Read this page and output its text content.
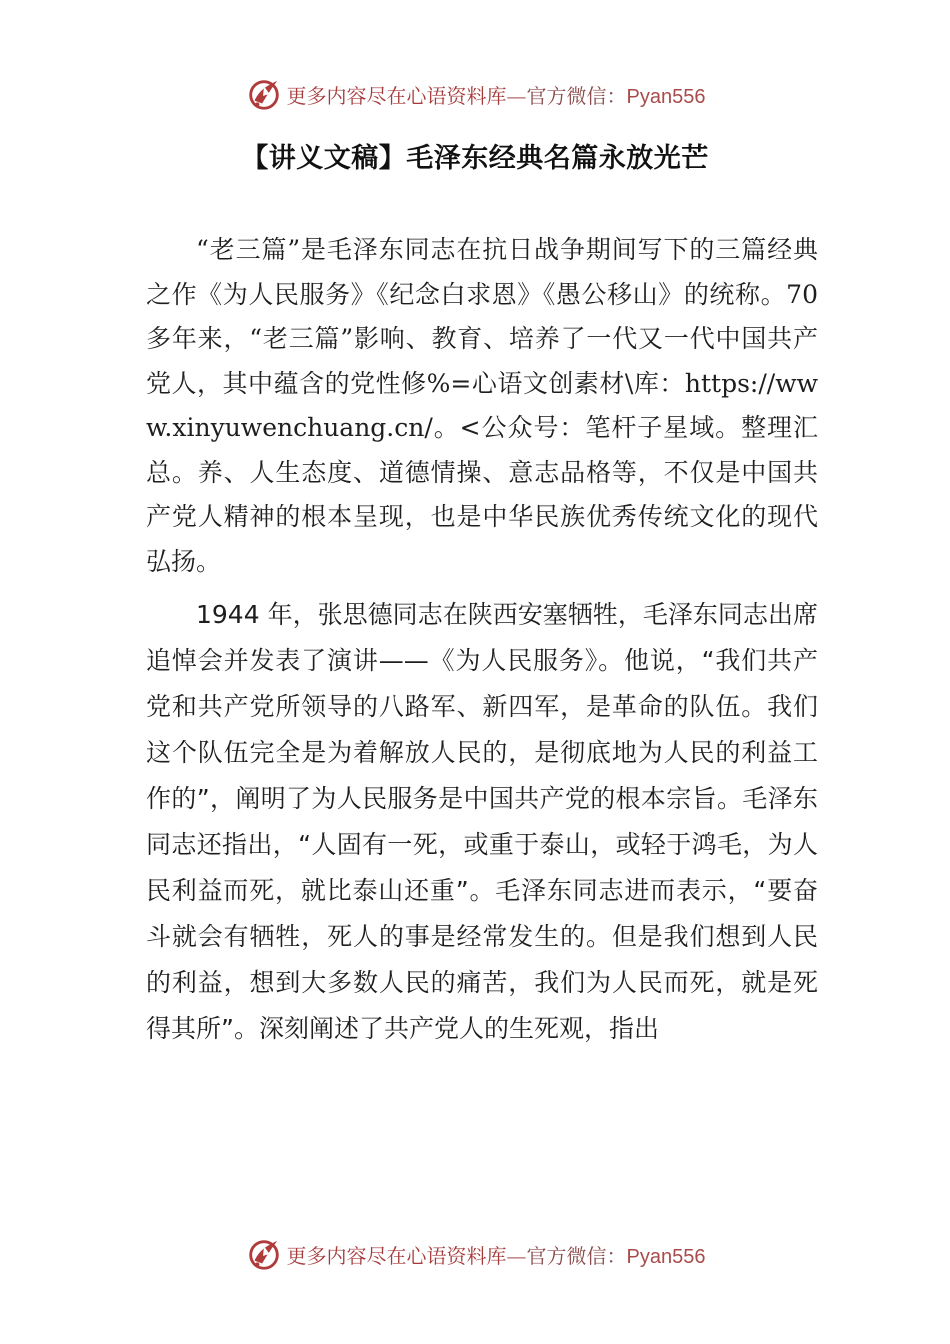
更多内容尽在心语资料库—官方微信：Pyan556
【讲义文稿】毛泽东经典名篇永放光芒

“老三篇”是毛泽东同志在抗日战争期间写下的三篇经典之作《为人民服务》《纪念白求恩》《愚公移山》的统称。70 多年来，“老三篇”影响、教育、培养了一代又一代中国共产党人，其中蕴含的党性修%=心语文创素材\库：https://www.xinyuwenchuang.cn/。<公众号：笔杆子星域。整理汇总。养、人生态度、道德情操、意志品格等，不仅是中国共产党人精神的根本呈现，也是中华民族优秀传统文化的现代弘扬。

1944 年，张思德同志在陕西安塞牺牲，毛泽东同志出席追悼会并发表了演讲——《为人民服务》。他说，“我们共产党和共产党所领导的八路军、新四军，是革命的队伍。我们这个队伍完全是为着解放人民的，是彻底地为人民的利益工作的”，阐明了为人民服务是中国共产党的根本宗旨。毛泽东同志还指出，“人固有一死，或重于泰山，或轻于鸿毛，为人民利益而死，就比泰山还重”。毛泽东同志进而表示，“要奋斗就会有牺牲，死人的事是经常发生的。但是我们想到人民的利益，想到大多数人民的痛苦，我们为人民而死，就是死得其所”。深刻阐述了共产党人的生死观，指出

更多内容尽在心语资料库—官方微信：Pyan556
